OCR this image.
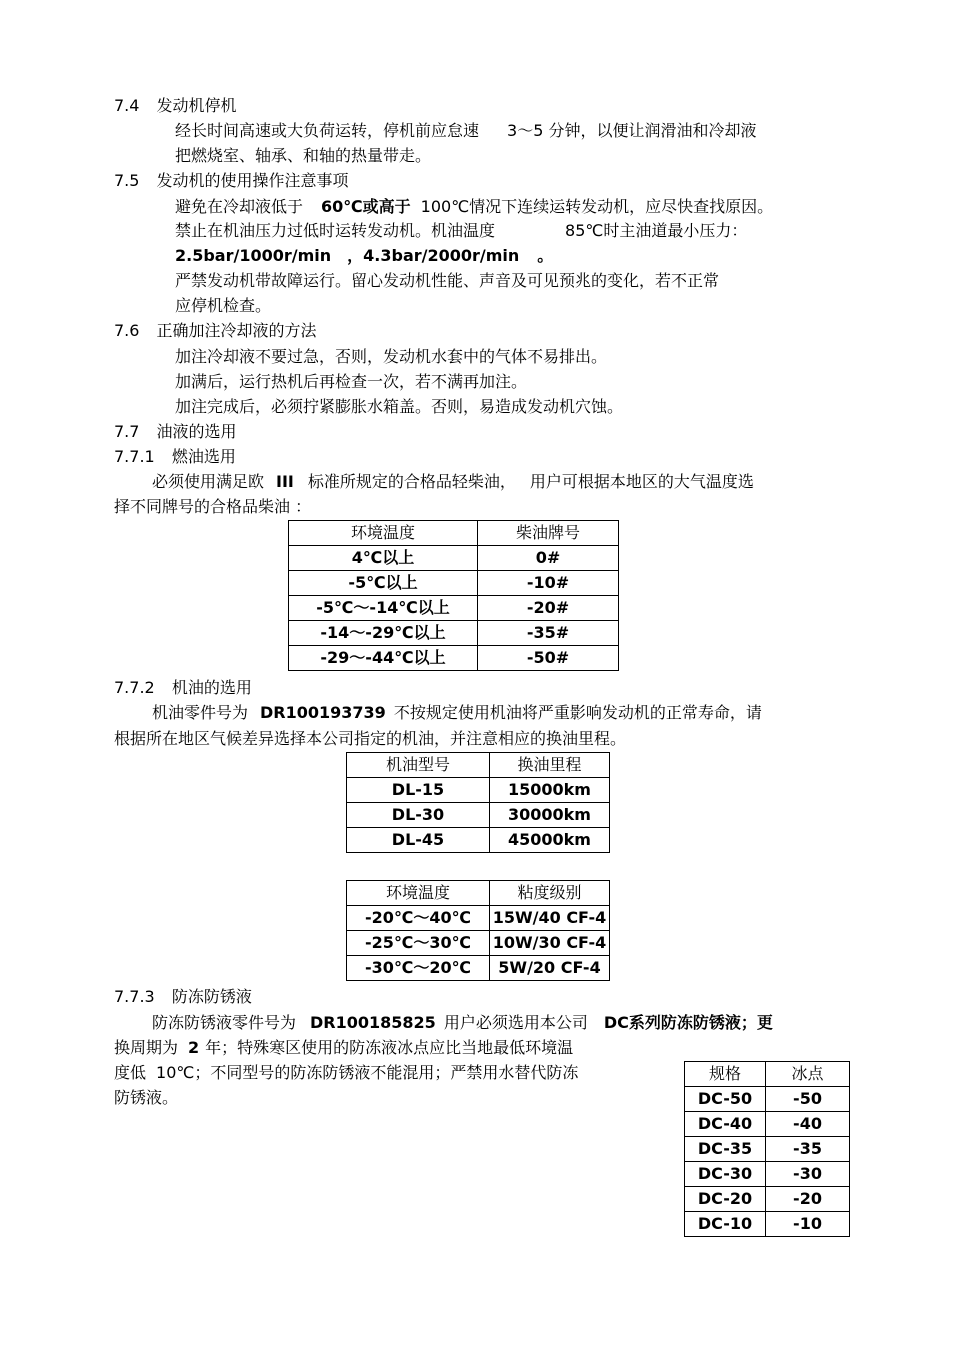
7.4 发动机停机
经长时间高速或大负荷运转，停机前应怠速 3～5 分钟，以便让润滑油和冷却液
把燃烧室、轴承、和轴的热量带走。
7.5 发动机的使用操作注意事项
避免在冷却液低于 60℃或高于 100℃情况下连续运转发动机，应尽快查找原因。
禁止在机油压力过低时运转发动机。机油温度	85℃时主油道最小压力：
2.5bar/1000r/min ，4.3bar/2000r/min 。
严禁发动机带故障运行。留心发动机性能、声音及可见预兆的变化，若不正常
应停机检查。
7.6 正确加注冷却液的方法
加注冷却液不要过急，否则，发动机水套中的气体不易排出。
加满后，运行热机后再检查一次，若不满再加注。
加注完成后，必须拧紧膨胀水箱盖。否则，易造成发动机穴蚀。
7.7 油液的选用
7.7.1 燃油选用
必须使用满足欧 III 标准所规定的合格品轻柴油， 用户可根据本地区的大气温度选
择不同牌号的合格品柴油 ：
环境温度	柴油牌号
4℃以上	0#
-5℃以上	-10#
-5℃～-14℃以上	-20#
-14～-29℃以上	-35#
-29～-44℃以上	-50#
7.7.2 机油的选用
机油零件号为 DR100193739 不按规定使用机油将严重影响发动机的正常寿命，请
根据所在地区气候差异选择本公司指定的机油，并注意相应的换油里程。
机油型号	换油里程
DL-15	15000km
DL-30	30000km
DL-45	45000km
环境温度	粘度级别
-20℃～40℃	15W/40 CF-4
-25℃～30℃	10W/30 CF-4
-30℃～20℃	5W/20 CF-4
7.7.3 防冻防锈液
防冻防锈液零件号为 DR100185825 用户必须选用本公司 DC系列防冻防锈液；更
换周期为 2 年；特殊寒区使用的防冻液冰点应比当地最低环境温
度低 10℃；不同型号的防冻防锈液不能混用；严禁用水替代防冻
防锈液。
规格	冰点
DC-50	-50
DC-40	-40
DC-35	-35
DC-30	-30
DC-20	-20
DC-10	-10
